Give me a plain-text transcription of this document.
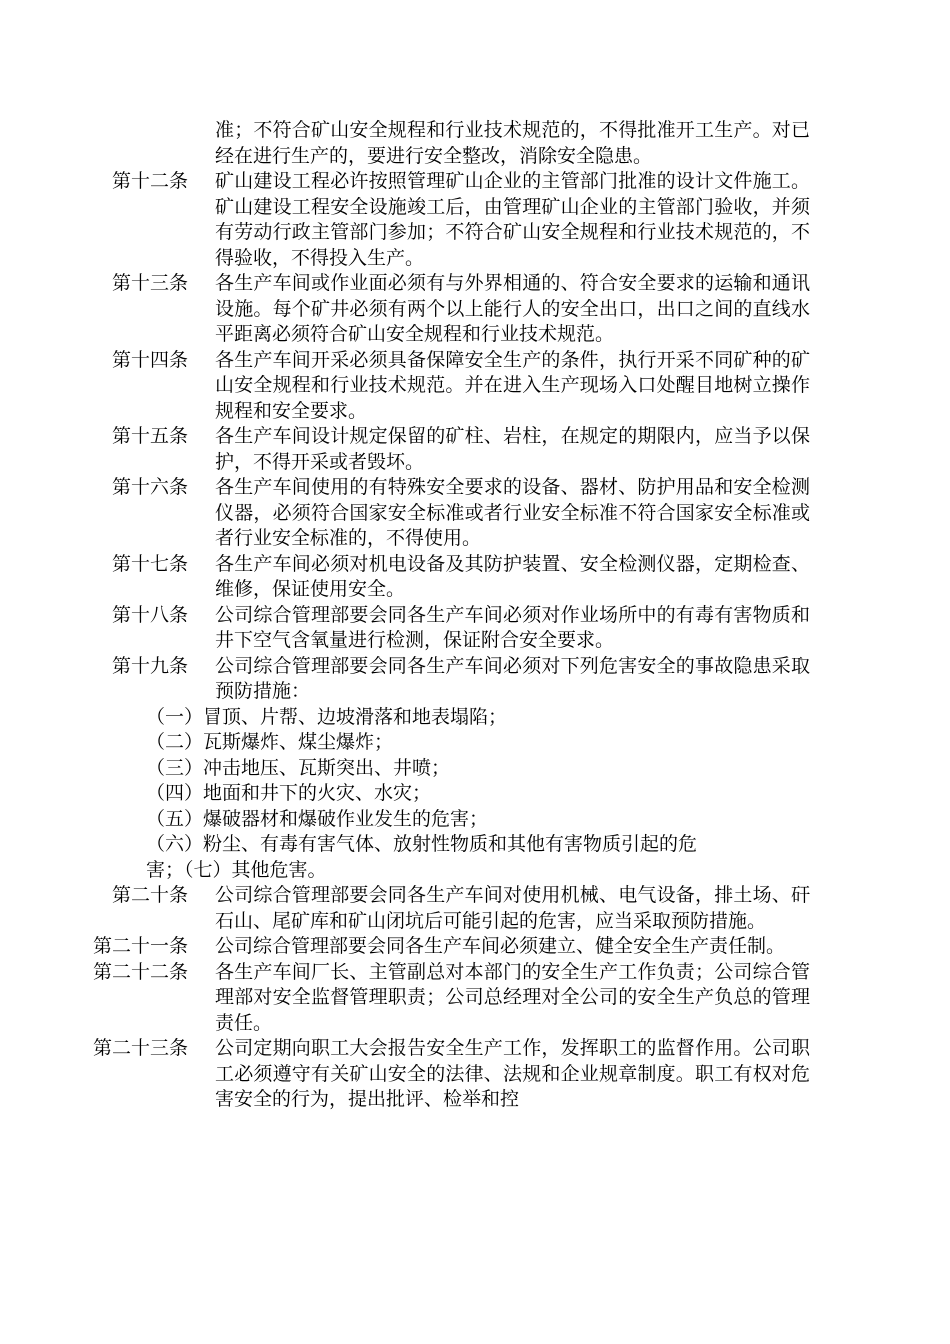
准；不符合矿山安全规程和行业技术规范的，不得批准开工生产。对已经在进行生产的，要进行安全整改，消除安全隐患。
第十二条 矿山建设工程必许按照管理矿山企业的主管部门批准的设计文件施工。矿山建设工程安全设施竣工后，由管理矿山企业的主管部门验收，并须有劳动行政主管部门参加；不符合矿山安全规程和行业技术规范的，不得验收，不得投入生产。
第十三条 各生产车间或作业面必须有与外界相通的、符合安全要求的运输和通讯设施。每个矿井必须有两个以上能行人的安全出口，出口之间的直线水平距离必须符合矿山安全规程和行业技术规范。
第十四条 各生产车间开采必须具备保障安全生产的条件，执行开采不同矿种的矿山安全规程和行业技术规范。并在进入生产现场入口处醒目地树立操作规程和安全要求。
第十五条 各生产车间设计规定保留的矿柱、岩柱，在规定的期限内，应当予以保护，不得开采或者毁坏。
第十六条 各生产车间使用的有特殊安全要求的设备、器材、防护用品和安全检测仪器，必须符合国家安全标准或者行业安全标准不符合国家安全标准或者行业安全标准的，不得使用。
第十七条 各生产车间必须对机电设备及其防护装置、安全检测仪器，定期检查、维修，保证使用安全。
第十八条 公司综合管理部要会同各生产车间必须对作业场所中的有毒有害物质和井下空气含氧量进行检测，保证附合安全要求。
第十九条 公司综合管理部要会同各生产车间必须对下列危害安全的事故隐患采取预防措施：
（一）冒顶、片帮、边坡滑落和地表塌陷；
（二）瓦斯爆炸、煤尘爆炸；
（三）冲击地压、瓦斯突出、井喷；
（四）地面和井下的火灾、水灾；
（五）爆破器材和爆破作业发生的危害；
（六）粉尘、有毒有害气体、放射性物质和其他有害物质引起的危
害；（七）其他危害。
第二十条 公司综合管理部要会同各生产车间对使用机械、电气设备，排土场、矸石山、尾矿库和矿山闭坑后可能引起的危害，应当采取预防措施。
第二十一条 公司综合管理部要会同各生产车间必须建立、健全安全生产责任制。
第二十二条 各生产车间厂长、主管副总对本部门的安全生产工作负责；公司综合管理部对安全监督管理职责；公司总经理对全公司的安全生产负总的管理责任。
第二十三条 公司定期向职工大会报告安全生产工作，发挥职工的监督作用。公司职工必须遵守有关矿山安全的法律、法规和企业规章制度。职工有权对危害安全的行为，提出批评、检举和控
